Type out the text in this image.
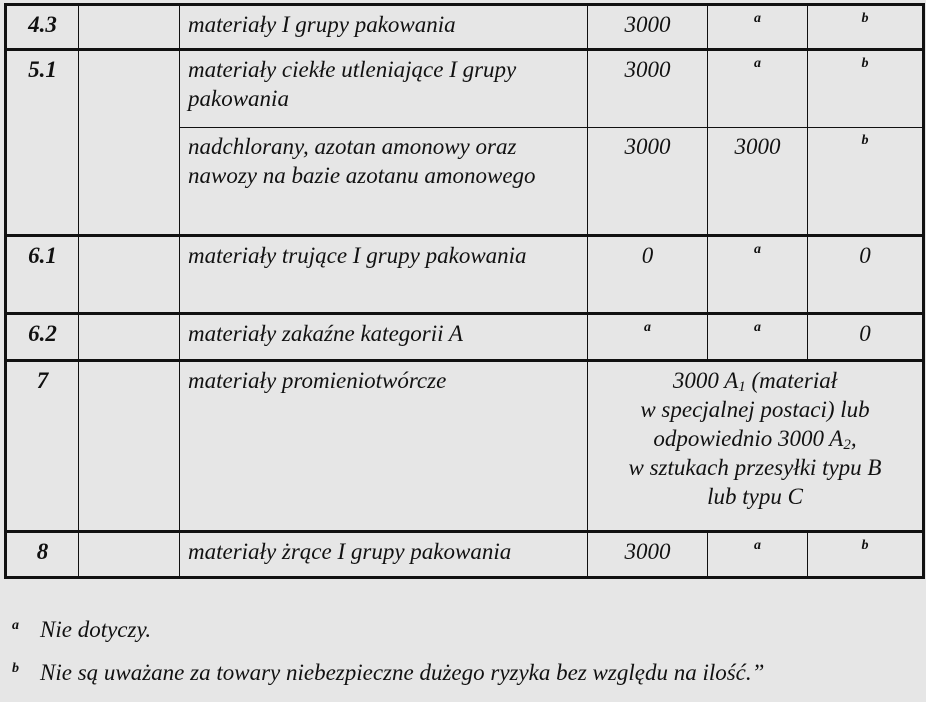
4.3		materiały I grupy pakowania	3000	a	b
5.1		materiały ciekłe utleniające I grupy pakowania	3000	a	b
		nadchlorany, azotan amonowy oraz nawozy na bazie azotanu amonowego	3000	3000	b
6.1		materiały trujące I grupy pakowania	0	a	0
6.2		materiały zakaźne kategorii A	a	a	0
7		materiały promieniotwórcze	3000 $A_1$ (materiał
w specjalnej postaci) lub
odpowiednio 3000 $A_2$,
w sztukach przesyłki typu B
lub typu C		

8		materiały żrące I grupy pakowania	3000	a	b
a Nie dotyczy.
b Nie są uważane za towary niebezpieczne dużego ryzyka bez względu na ilość.”
